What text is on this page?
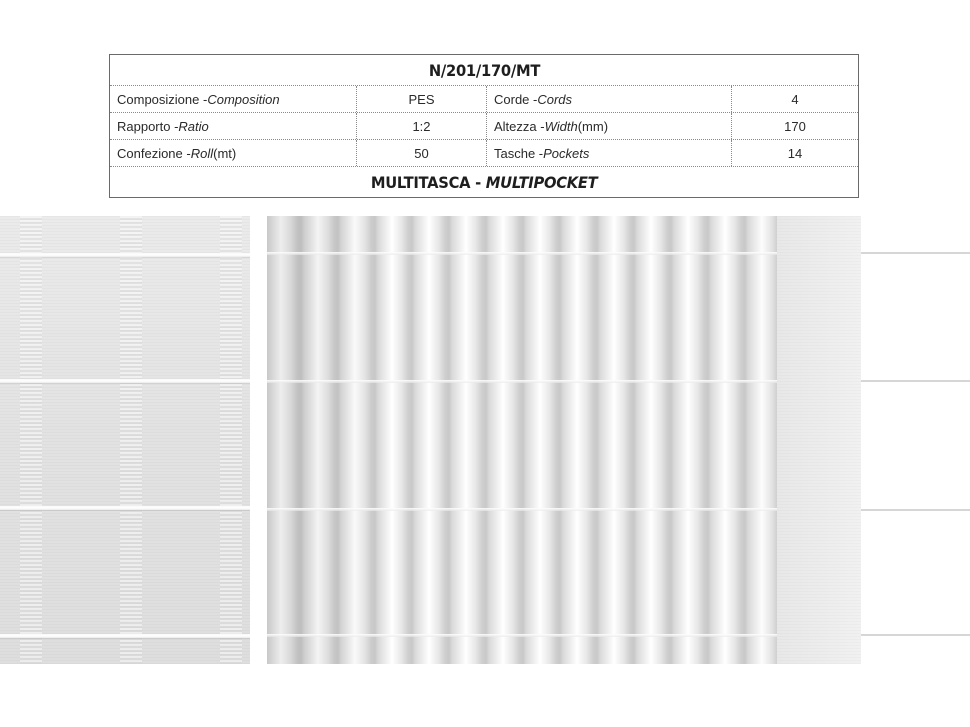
N/201/170/MT
Composizione - Composition	PES	Corde - Cords	4
Rapporto - Ratio	1:2	Altezza - Width (mm)	170
Confezione - Roll (mt)	50	Tasche - Pockets	14
MULTITASCA - MULTIPOCKET
